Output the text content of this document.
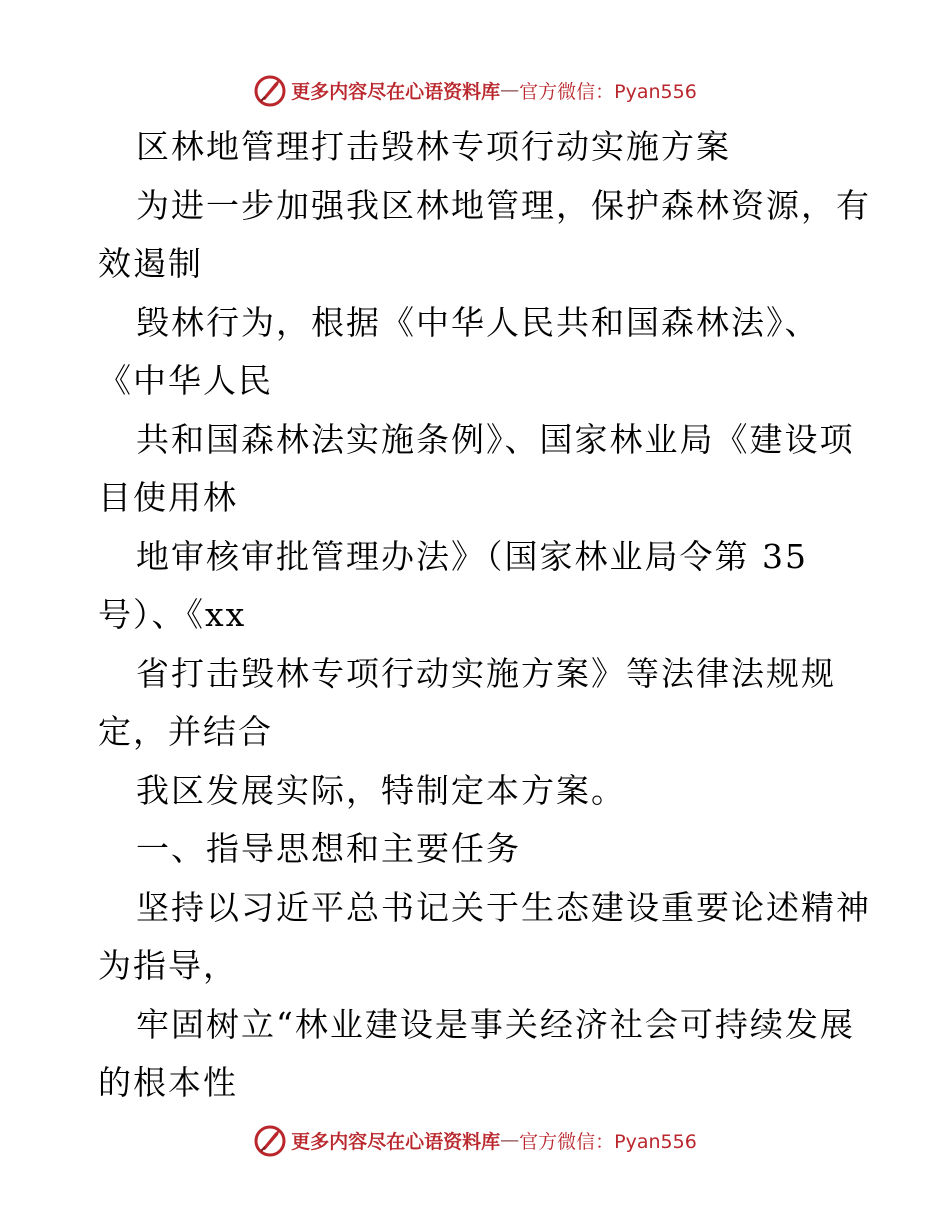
更多内容尽在心语资料库 — 官方微信：Pyan556
区林地管理打击毁林专项行动实施方案
为进一步加强我区林地管理，保护森林资源，有
效遏制
毁林行为，根据《中华人民共和国森林法》、
《中华人民
共和国森林法实施条例》、国家林业局《建设项
目使用林
地审核审批管理办法》（国家林业局令第 35
号）、《xx
省打击毁林专项行动实施方案》等法律法规规
定，并结合
我区发展实际，特制定本方案。
一、指导思想和主要任务
坚持以习近平总书记关于生态建设重要论述精神
为指导，
牢固树立“林业建设是事关经济社会可持续发展
的根本性
更多内容尽在心语资料库 — 官方微信：Pyan556
